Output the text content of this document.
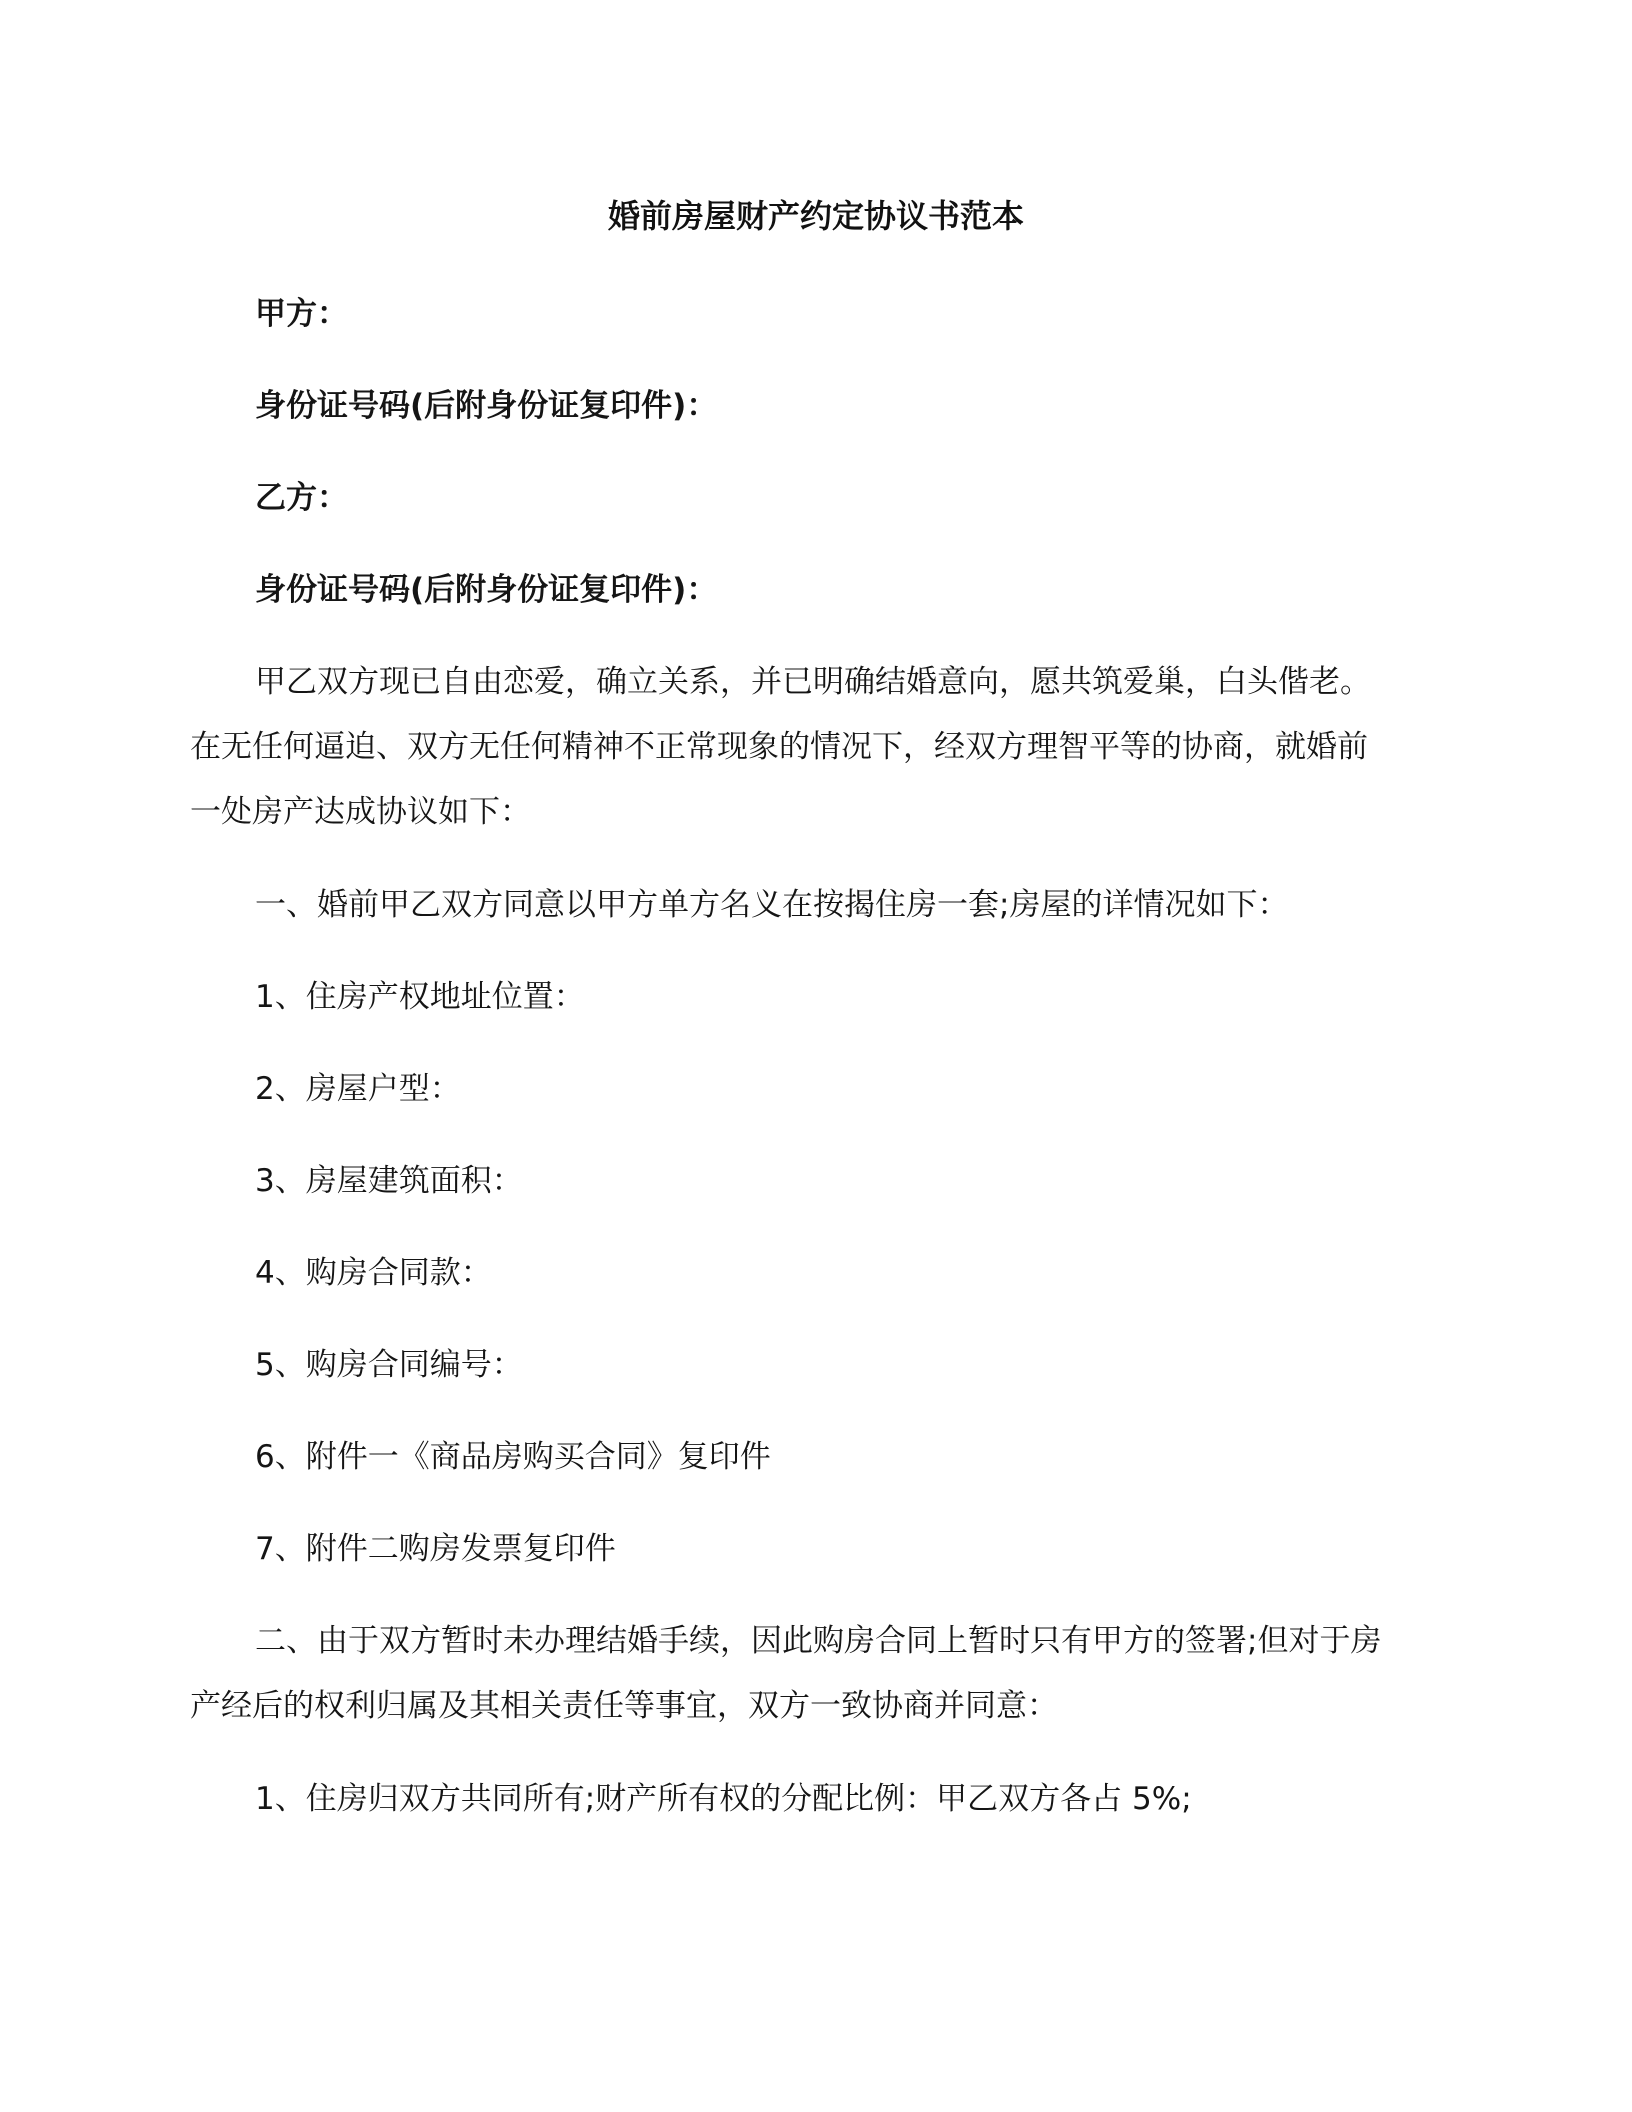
婚前房屋财产约定协议书范本
甲方：
身份证号码(后附身份证复印件)：
乙方：
身份证号码(后附身份证复印件)：
甲乙双方现已自由恋爱，确立关系，并已明确结婚意向，愿共筑爱巢，白头偕老。
在无任何逼迫、双方无任何精神不正常现象的情况下，经双方理智平等的协商，就婚前
一处房产达成协议如下：
一、婚前甲乙双方同意以甲方单方名义在按揭住房一套;房屋的详情况如下：
1、住房产权地址位置：
2、房屋户型：
3、房屋建筑面积：
4、购房合同款：
5、购房合同编号：
6、附件一《商品房购买合同》复印件
7、附件二购房发票复印件
二、由于双方暂时未办理结婚手续，因此购房合同上暂时只有甲方的签署;但对于房
产经后的权利归属及其相关责任等事宜，双方一致协商并同意：
1、住房归双方共同所有;财产所有权的分配比例：甲乙双方各占 5%;
